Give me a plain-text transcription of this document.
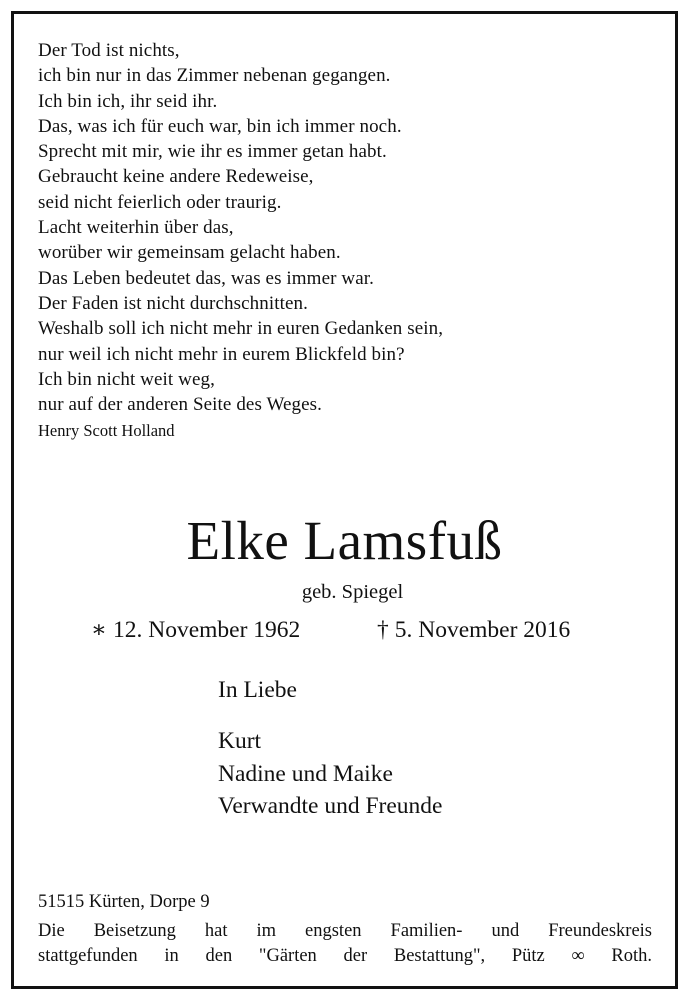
Der Tod ist nichts,
ich bin nur in das Zimmer nebenan gegangen.
Ich bin ich, ihr seid ihr.
Das, was ich für euch war, bin ich immer noch.
Sprecht mit mir, wie ihr es immer getan habt.
Gebraucht keine andere Redeweise,
seid nicht feierlich oder traurig.
Lacht weiterhin über das,
worüber wir gemeinsam gelacht haben.
Das Leben bedeutet das, was es immer war.
Der Faden ist nicht durchschnitten.
Weshalb soll ich nicht mehr in euren Gedanken sein,
nur weil ich nicht mehr in eurem Blickfeld bin?
Ich bin nicht weit weg,
nur auf der anderen Seite des Weges.
Henry Scott Holland
Elke Lamsfuß
geb. Spiegel
∗ 12. November 1962	† 5. November 2016
In Liebe
Kurt
Nadine und Maike
Verwandte und Freunde
51515 Kürten, Dorpe 9
Die Beisetzung hat im engsten Familien- und Freundeskreis
stattgefunden in den "Gärten der Bestattung", Pütz ∞ Roth.
